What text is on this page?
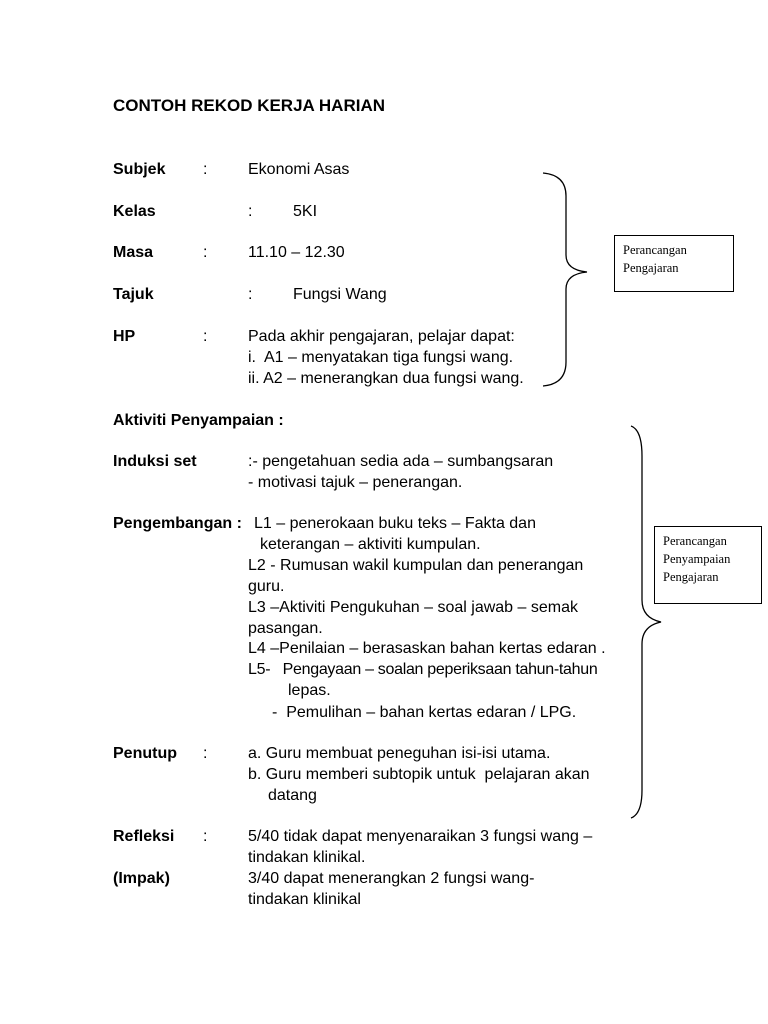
CONTOH REKOD KERJA HARIAN
Subjek :	Ekonomi Asas
Kelas	:	5KI
Masa	:	11.10 – 12.30
Tajuk	:	Fungsi Wang
HP	:	Pada akhir pengajaran, pelajar dapat:
i.  A1 – menyatakan tiga fungsi wang.
ii. A2 – menerangkan dua fungsi wang.
Aktiviti Penyampaian :
Induksi set	:- pengetahuan sedia ada – sumbangsaran
- motivasi tajuk – penerangan.
Pengembangan : L1 – penerokaan buku teks – Fakta dan
keterangan – aktiviti kumpulan.
L2 - Rumusan wakil kumpulan dan penerangan
guru.
L3 –Aktiviti Pengukuhan – soal jawab – semak
pasangan.
L4 –Penilaian – berasaskan bahan kertas edaran .
L5-   Pengayaan – soalan peperiksaan tahun-tahun
lepas.
-  Pemulihan – bahan kertas edaran / LPG.
Penutup :	a. Guru membuat peneguhan isi-isi utama.
b. Guru memberi subtopik untuk  pelajaran akan
datang
Refleksi :	5/40 tidak dapat menyenaraikan 3 fungsi wang –
tindakan klinikal.
(Impak)	3/40 dapat menerangkan 2 fungsi wang-
tindakan klinikal
Perancangan
Pengajaran
Perancangan
Penyampaian
Pengajaran
